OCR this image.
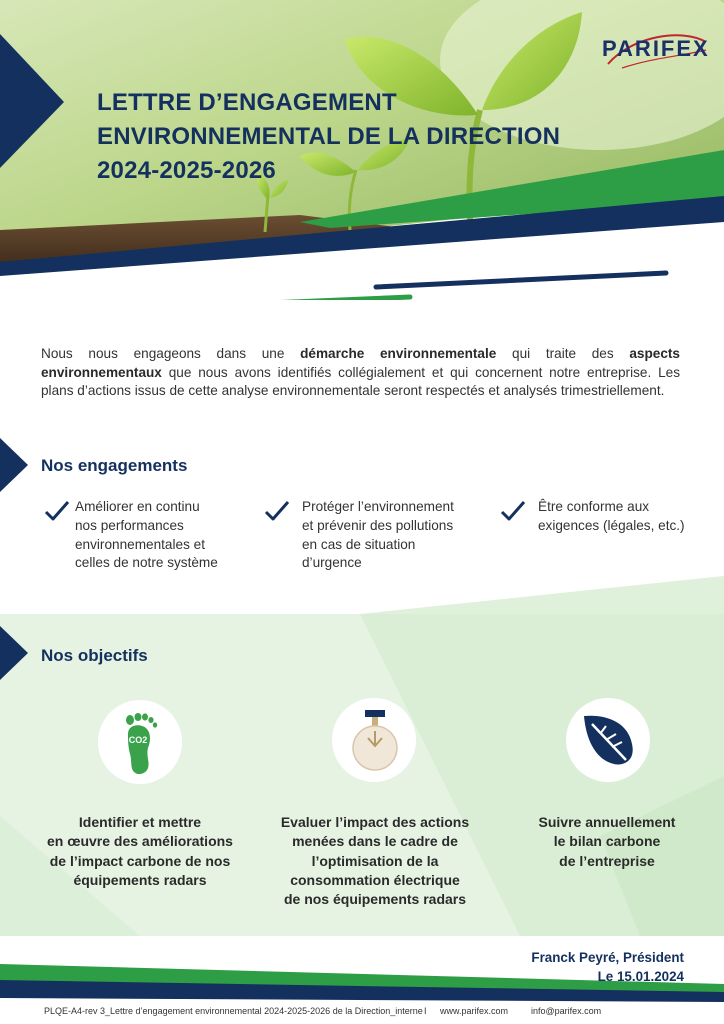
LETTRE D’ENGAGEMENT
ENVIRONNEMENTAL DE LA DIRECTION
2024-2025-2026
PARIFEX

Nous nous engageons dans une démarche environnementale qui traite des aspects environnementaux que nous avons identifiés collégialement et qui concernent notre entreprise. Les plans d’actions issus de cette analyse environnementale seront respectés et analysés trimestriellement.

Nos engagements
Améliorer en continu
nos performances
environnementales et
celles de notre système
Protéger l’environnement
et prévenir des pollutions
en cas de situation
d’urgence
Être conforme aux
exigences (légales, etc.)
Nos objectifs
CO2
Identifier et mettre
en œuvre des améliorations
de l’impact carbone de nos
équipements radars
Evaluer l’impact des actions
menées dans le cadre de
l’optimisation de la
consommation électrique
de nos équipements radars
Suivre annuellement
le bilan carbone
de l’entreprise
Franck Peyré, Président
Le 15.01.2024
PLQE-A4-rev 3_Lettre d’engagement environnemental 2024-2025-2026 de la Direction_interne I www.parifex.com	info@parifex.com
